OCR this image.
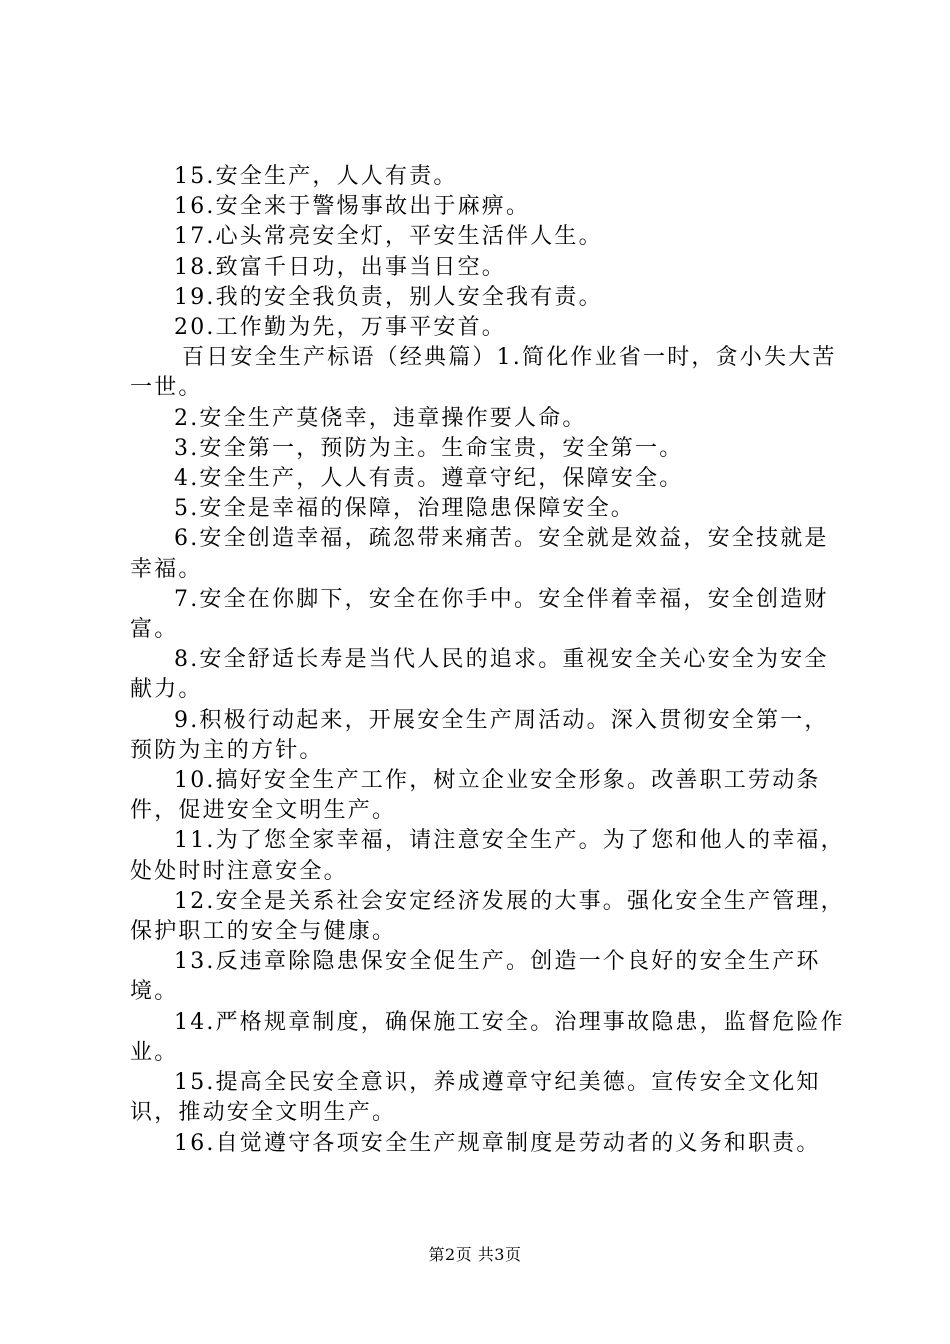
15.安全生产，人人有责。

16.安全来于警惕事故出于麻痹。

17.心头常亮安全灯，平安生活伴人生。

18.致富千日功，出事当日空。

19.我的安全我负责，别人安全我有责。

20.工作勤为先，万事平安首。

百日安全生产标语（经典篇）1.简化作业省一时，贪小失大苦一世。

2.安全生产莫侥幸，违章操作要人命。

3.安全第一，预防为主。生命宝贵，安全第一。

4.安全生产，人人有责。遵章守纪，保障安全。

5.安全是幸福的保障，治理隐患保障安全。

6.安全创造幸福，疏忽带来痛苦。安全就是效益，安全技就是幸福。

7.安全在你脚下，安全在你手中。安全伴着幸福，安全创造财富。

8.安全舒适长寿是当代人民的追求。重视安全关心安全为安全献力。

9.积极行动起来，开展安全生产周活动。深入贯彻安全第一，预防为主的方针。

10.搞好安全生产工作，树立企业安全形象。改善职工劳动条件，促进安全文明生产。

11.为了您全家幸福，请注意安全生产。为了您和他人的幸福，处处时时注意安全。

12.安全是关系社会安定经济发展的大事。强化安全生产管理，保护职工的安全与健康。

13.反违章除隐患保安全促生产。创造一个良好的安全生产环境。

14.严格规章制度，确保施工安全。治理事故隐患，监督危险作业。

15.提高全民安全意识，养成遵章守纪美德。宣传安全文化知识，推动安全文明生产。

16.自觉遵守各项安全生产规章制度是劳动者的义务和职责。

第2页 共3页
